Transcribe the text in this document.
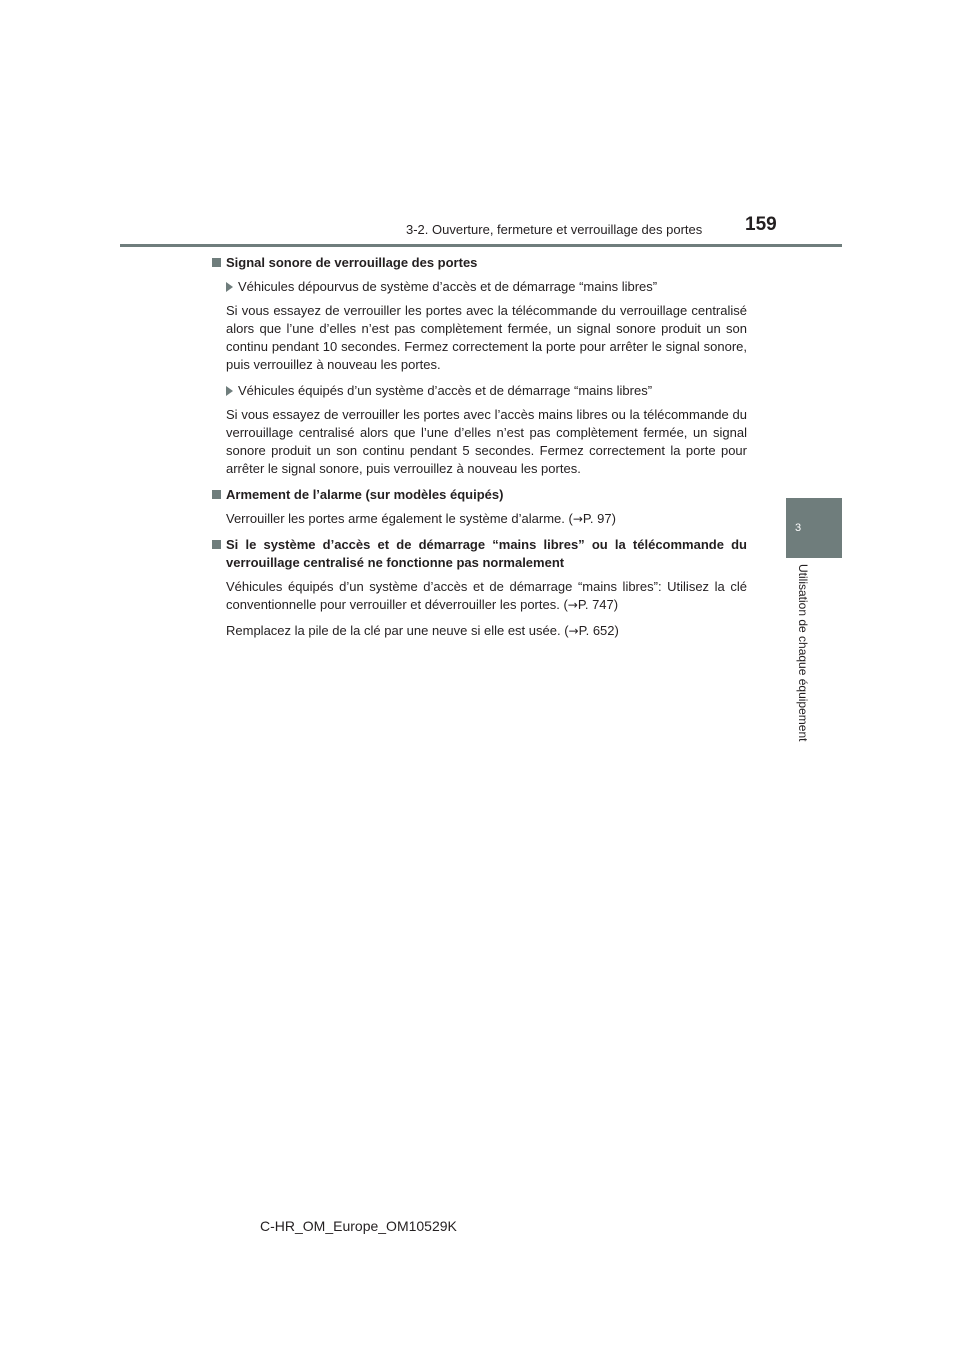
3-2. Ouverture, fermeture et verrouillage des portes 159
3
Utilisation de chaque équipement
Signal sonore de verrouillage des portes
Véhicules dépourvus de système d’accès et de démarrage “mains libres”
Si vous essayez de verrouiller les portes avec la télécommande du verrouillage centralisé alors que l’une d’elles n’est pas complètement fermée, un signal sonore produit un son continu pendant 10 secondes. Fermez correctement la porte pour arrêter le signal sonore, puis verrouillez à nouveau les portes.
Véhicules équipés d’un système d’accès et de démarrage “mains libres”
Si vous essayez de verrouiller les portes avec l’accès mains libres ou la télécommande du verrouillage centralisé alors que l’une d’elles n’est pas complètement fermée, un signal sonore produit un son continu pendant 5 secondes. Fermez correctement la porte pour arrêter le signal sonore, puis verrouillez à nouveau les portes.
Armement de l’alarme (sur modèles équipés)
Verrouiller les portes arme également le système d’alarme. (→P. 97)
Si le système d’accès et de démarrage “mains libres” ou la télécommande du verrouillage centralisé ne fonctionne pas normalement
Véhicules équipés d’un système d’accès et de démarrage “mains libres”: Utilisez la clé conventionnelle pour verrouiller et déverrouiller les portes. (→P. 747)
Remplacez la pile de la clé par une neuve si elle est usée. (→P. 652)
C-HR_OM_Europe_OM10529K
